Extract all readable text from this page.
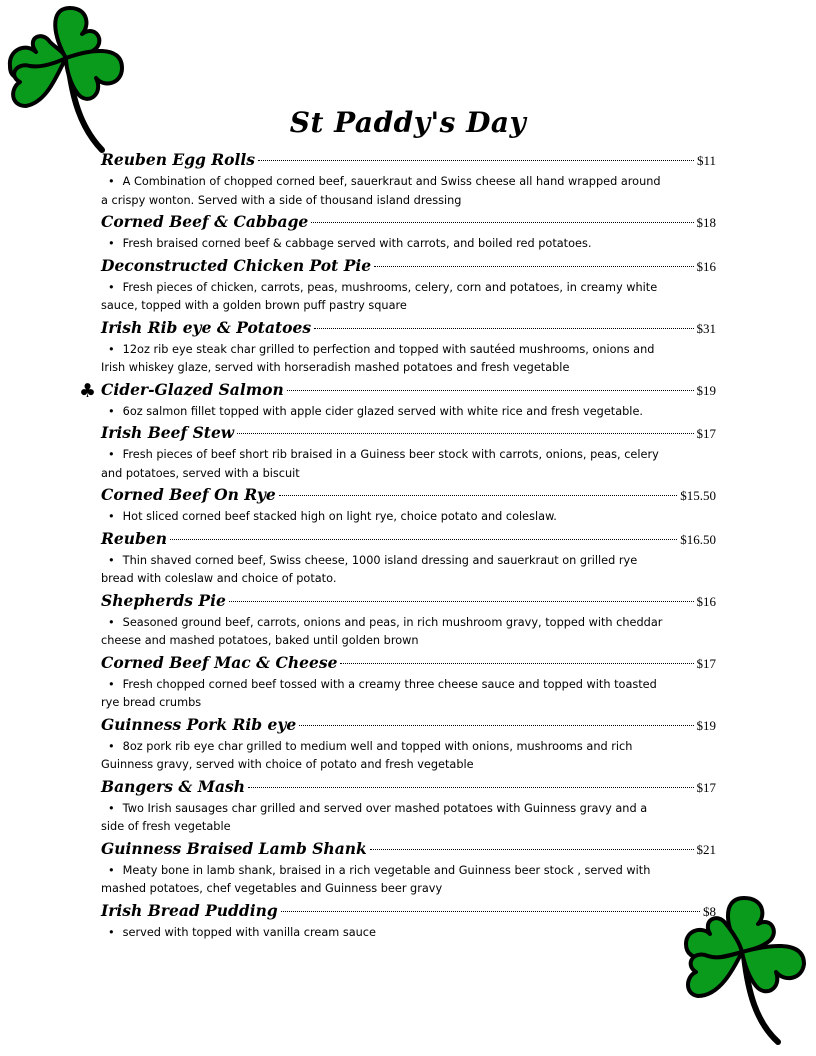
St Paddy's Day
Reuben Egg Rolls	$11
• A Combination of chopped corned beef, sauerkraut and Swiss cheese all hand wrapped around a crispy wonton. Served with a side of thousand island dressing
Corned Beef & Cabbage	$18
• Fresh braised corned beef & cabbage served with carrots, and boiled red potatoes.
Deconstructed Chicken Pot Pie	$16
• Fresh pieces of chicken, carrots, peas, mushrooms, celery, corn and potatoes, in creamy white sauce, topped with a golden brown puff pastry square
Irish Rib eye & Potatoes	$31
• 12oz rib eye steak char grilled to perfection and topped with sautéed mushrooms, onions and Irish whiskey glaze, served with horseradish mashed potatoes and fresh vegetable
♣ Cider-Glazed Salmon	$19
• 6oz salmon fillet topped with apple cider glazed served with white rice and fresh vegetable.
Irish Beef Stew	$17
• Fresh pieces of beef short rib braised in a Guiness beer stock with carrots, onions, peas, celery and potatoes, served with a biscuit
Corned Beef On Rye	$15.50
• Hot sliced corned beef stacked high on light rye, choice potato and coleslaw.
Reuben	$16.50
• Thin shaved corned beef, Swiss cheese, 1000 island dressing and sauerkraut on grilled rye bread with coleslaw and choice of potato.
Shepherds Pie	$16
• Seasoned ground beef, carrots, onions and peas, in rich mushroom gravy, topped with cheddar cheese and mashed potatoes, baked until golden brown
Corned Beef Mac & Cheese	$17
• Fresh chopped corned beef tossed with a creamy three cheese sauce and topped with toasted rye bread crumbs
Guinness Pork Rib eye	$19
• 8oz pork rib eye char grilled to medium well and topped with onions, mushrooms and rich Guinness gravy, served with choice of potato and fresh vegetable
Bangers & Mash	$17
• Two Irish sausages char grilled and served over mashed potatoes with Guinness gravy and a side of fresh vegetable
Guinness Braised Lamb Shank	$21
• Meaty bone in lamb shank, braised in a rich vegetable and Guinness beer stock , served with mashed potatoes, chef vegetables and Guinness beer gravy
Irish Bread Pudding	$8
• served with topped with vanilla cream sauce
